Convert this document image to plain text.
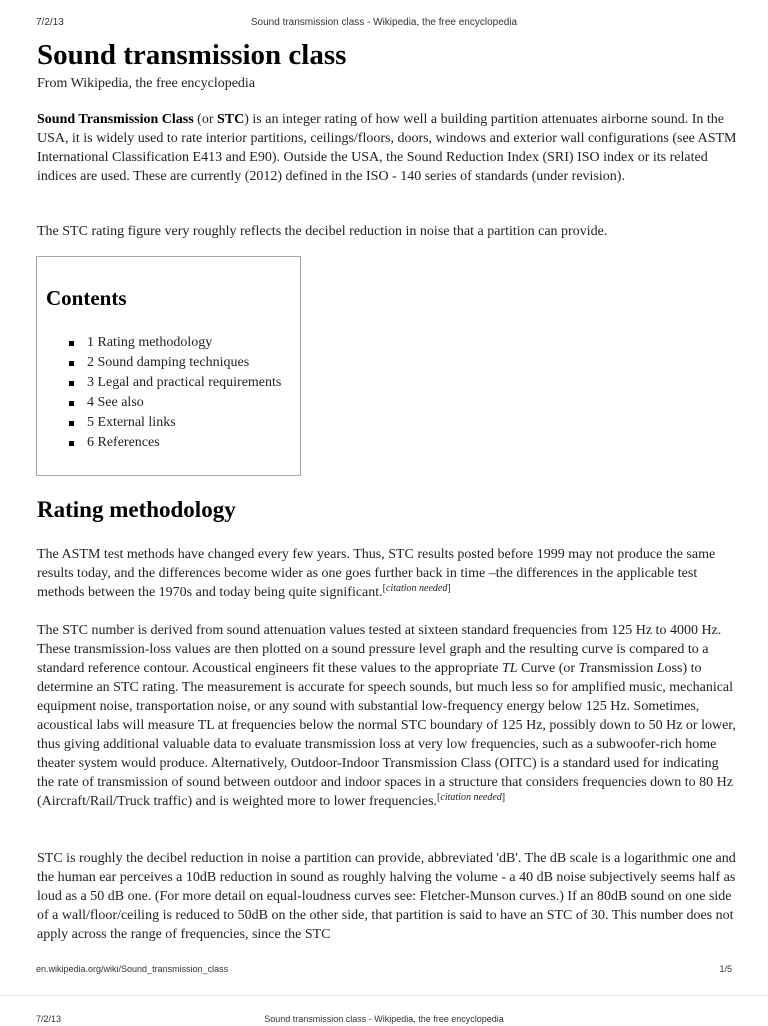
7/2/13	Sound transmission class - Wikipedia, the free encyclopedia
Sound transmission class
From Wikipedia, the free encyclopedia

Sound Transmission Class (or STC) is an integer rating of how well a building partition attenuates airborne sound. In the USA, it is widely used to rate interior partitions, ceilings/floors, doors, windows and exterior wall configurations (see ASTM International Classification E413 and E90). Outside the USA, the Sound Reduction Index (SRI) ISO index or its related indices are used. These are currently (2012) defined in the ISO - 140 series of standards (under revision).

The STC rating figure very roughly reflects the decibel reduction in noise that a partition can provide.

Contents
1 Rating methodology
2 Sound damping techniques
3 Legal and practical requirements
4 See also
5 External links
6 References
Rating methodology

The ASTM test methods have changed every few years. Thus, STC results posted before 1999 may not produce the same results today, and the differences become wider as one goes further back in time –the differences in the applicable test methods between the 1970s and today being quite significant.[citation needed]

The STC number is derived from sound attenuation values tested at sixteen standard frequencies from 125 Hz to 4000 Hz. These transmission-loss values are then plotted on a sound pressure level graph and the resulting curve is compared to a standard reference contour. Acoustical engineers fit these values to the appropriate TL Curve (or Transmission Loss) to determine an STC rating. The measurement is accurate for speech sounds, but much less so for amplified music, mechanical equipment noise, transportation noise, or any sound with substantial low-frequency energy below 125 Hz. Sometimes, acoustical labs will measure TL at frequencies below the normal STC boundary of 125 Hz, possibly down to 50 Hz or lower, thus giving additional valuable data to evaluate transmission loss at very low frequencies, such as a subwoofer-rich home theater system would produce. Alternatively, Outdoor-Indoor Transmission Class (OITC) is a standard used for indicating the rate of transmission of sound between outdoor and indoor spaces in a structure that considers frequencies down to 80 Hz (Aircraft/Rail/Truck traffic) and is weighted more to lower frequencies.[citation needed]

STC is roughly the decibel reduction in noise a partition can provide, abbreviated 'dB'. The dB scale is a logarithmic one and the human ear perceives a 10dB reduction in sound as roughly halving the volume - a 40 dB noise subjectively seems half as loud as a 50 dB one. (For more detail on equal-loudness curves see: Fletcher-Munson curves.) If an 80dB sound on one side of a wall/floor/ceiling is reduced to 50dB on the other side, that partition is said to have an STC of 30. This number does not apply across the range of frequencies, since the STC

en.wikipedia.org/wiki/Sound_transmission_class	1/5
7/2/13	Sound transmission class - Wikipedia, the free encyclopedia
